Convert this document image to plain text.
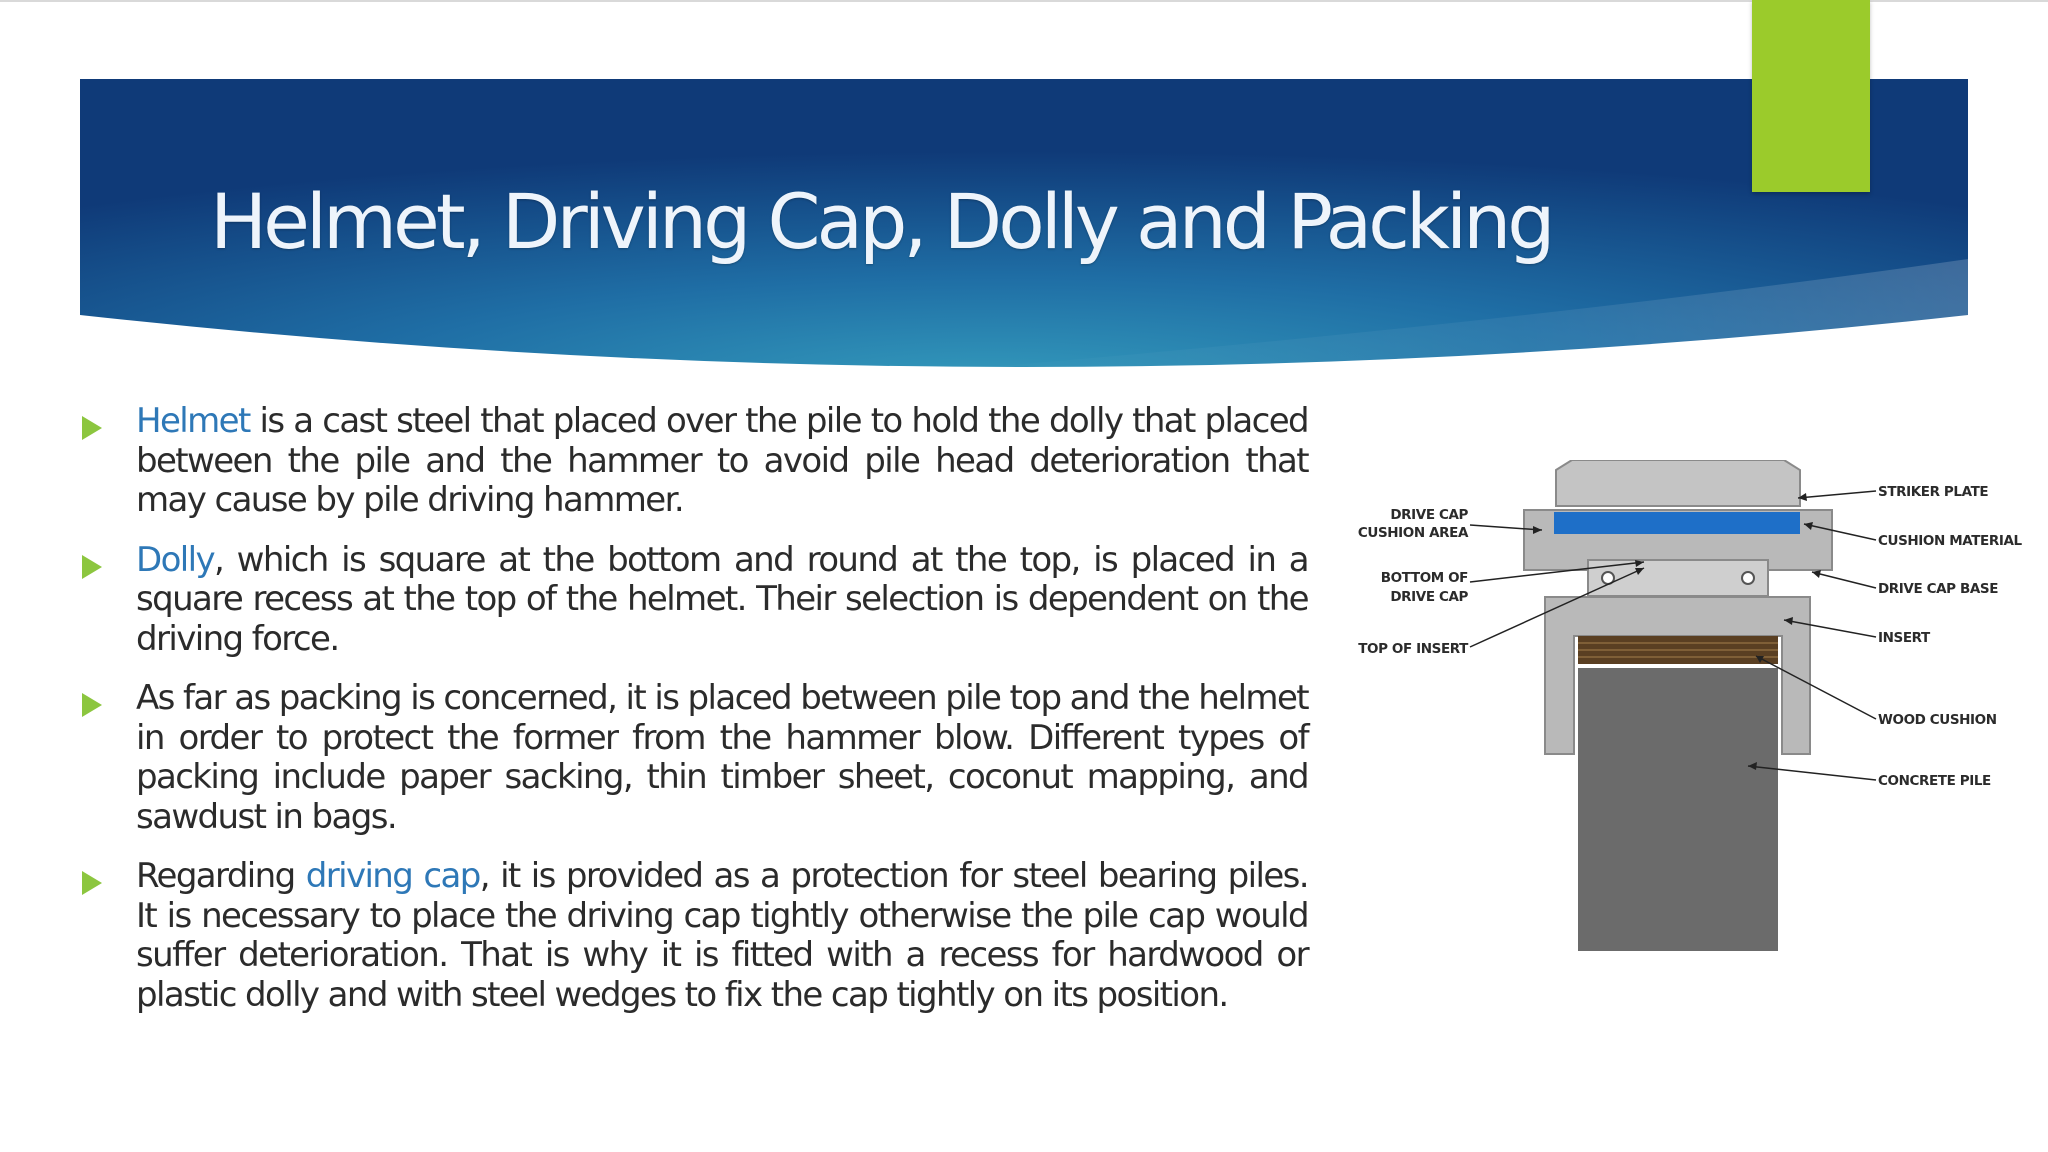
Helmet, Driving Cap, Dolly and Packing
Helmet is a cast steel that placed over the pile to hold the dolly that placed between the pile and the hammer to avoid pile head deterioration that may cause by pile driving hammer.
Dolly, which is square at the bottom and round at the top, is placed in a square recess at the top of the helmet. Their selection is dependent on the driving force.
As far as packing is concerned, it is placed between pile top and the helmet in order to protect the former from the hammer blow. Different types of packing include paper sacking, thin timber sheet, coconut mapping, and sawdust in bags.
Regarding driving cap, it is provided as a protection for steel bearing piles. It is necessary to place the driving cap tightly otherwise the pile cap would suffer deterioration. That is why it is fitted with a recess for hardwood or plastic dolly and with steel wedges to fix the cap tightly on its position.
STRIKER PLATE
CUSHION MATERIAL
DRIVE CAP BASE
INSERT
WOOD CUSHION
CONCRETE PILE
DRIVE CAP
CUSHION AREA
BOTTOM OF
DRIVE CAP
TOP OF INSERT
